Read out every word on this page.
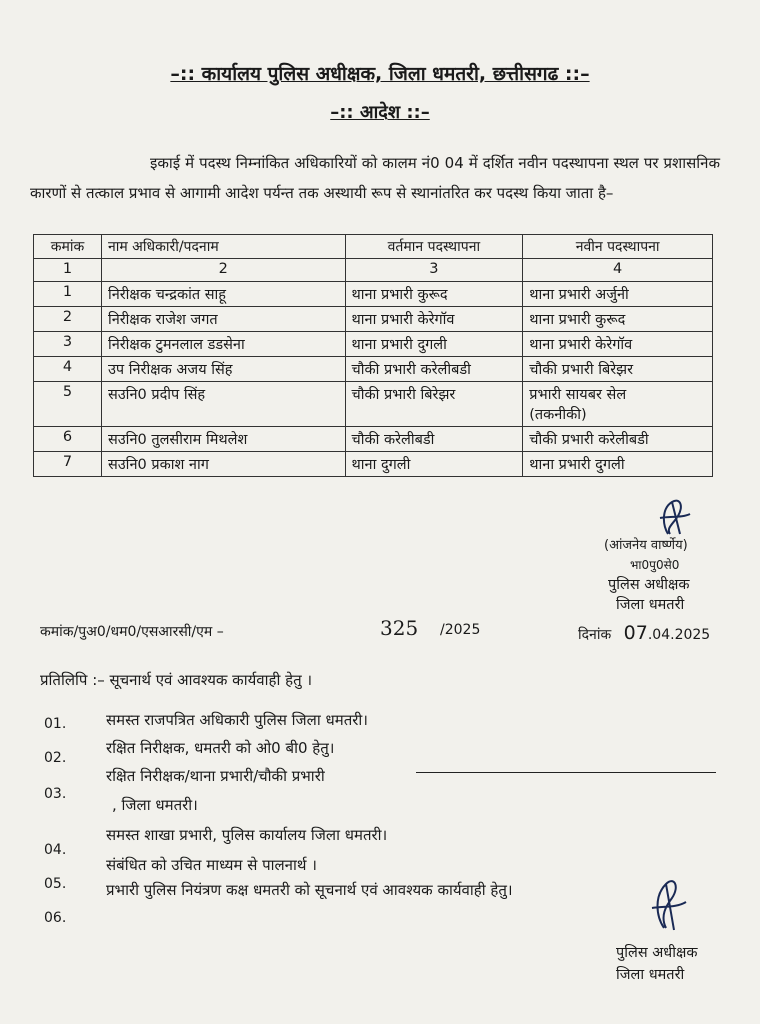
–:: कार्यालय पुलिस अधीक्षक, जिला धमतरी, छत्तीसगढ ::–
–:: आदेश ::–
इकाई में पदस्थ निम्नांकित अधिकारियों को कालम नं0 04 में दर्शित नवीन पदस्थापना स्थल पर प्रशासनिक कारणों से तत्काल प्रभाव से आगामी आदेश पर्यन्त तक अस्थायी रूप से स्थानांतरित कर पदस्थ किया जाता है–
कमांक	नाम अधिकारी/पदनाम	वर्तमान पदस्थापना	नवीन पदस्थापना
1	2	3	4
1	निरीक्षक चन्द्रकांत साहू	थाना प्रभारी कुरूद	थाना प्रभारी अर्जुनी
2	निरीक्षक राजेश जगत	थाना प्रभारी केरेगॉव	थाना प्रभारी कुरूद
3	निरीक्षक टुमनलाल डडसेना	थाना प्रभारी दुगली	थाना प्रभारी केरेगॉव
4	उप निरीक्षक अजय सिंह	चौकी प्रभारी करेलीबडी	चौकी प्रभारी बिरेझर
5	सउनि0 प्रदीप सिंह	चौकी प्रभारी बिरेझर	प्रभारी सायबर सेल
(तकनीकी)

6	सउनि0 तुलसीराम मिथलेश	चौकी करेलीबडी	चौकी प्रभारी करेलीबडी
7	सउनि0 प्रकाश नाग	थाना दुगली	थाना प्रभारी दुगली
(आंजनेय वार्ष्णेय)
भा0पु0से0
पुलिस अधीक्षक
जिला धमतरी
कमांक/पुअ0/धम0/एसआरसी/एम –	325 /2025	दिनांक 07.04.2025
प्रतिलिपि :– सूचनार्थ एवं आवश्यक कार्यवाही हेतु ।
01.	समस्त राजपत्रित अधिकारी पुलिस जिला धमतरी।
02.
रक्षित निरीक्षक, धमतरी को ओ0 बी0 हेतु।
03.
रक्षित निरीक्षक/थाना प्रभारी/चौकी प्रभारी
, जिला धमतरी।
04.
समस्त शाखा प्रभारी, पुलिस कार्यालय जिला धमतरी।
05.
संबंधित को उचित माध्यम से पालनार्थ ।
06.
प्रभारी पुलिस नियंत्रण कक्ष धमतरी को सूचनार्थ एवं आवश्यक कार्यवाही हेतु।
पुलिस अधीक्षक
जिला धमतरी
